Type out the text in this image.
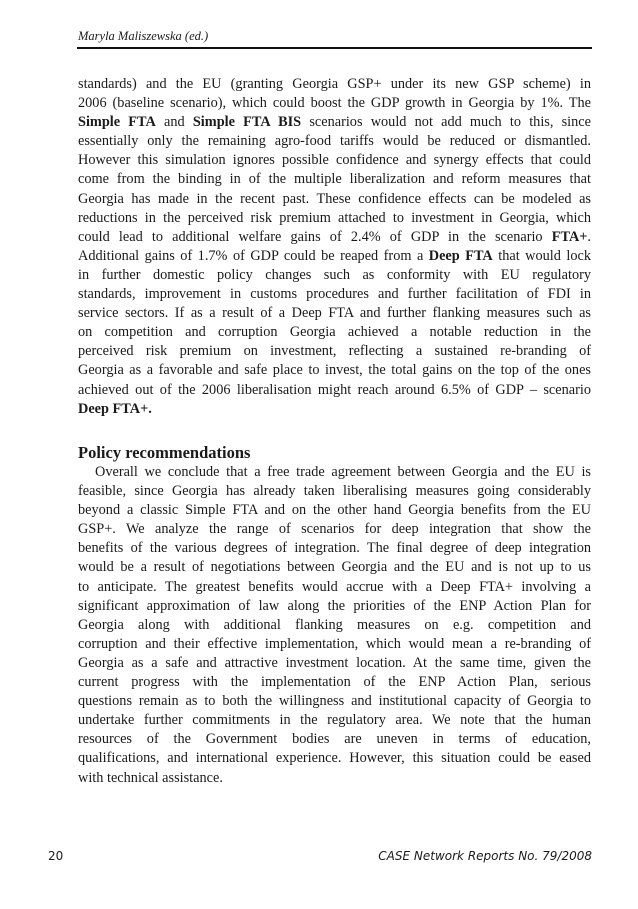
Maryla Maliszewska (ed.)
standards) and the EU (granting Georgia GSP+ under its new GSP scheme) in
2006 (baseline scenario), which could boost the GDP growth in Georgia by 1%. The
Simple FTA and Simple FTA BIS scenarios would not add much to this, since
essentially only the remaining agro-food tariffs would be reduced or dismantled.
However this simulation ignores possible confidence and synergy effects that could
come from the binding in of the multiple liberalization and reform measures that
Georgia has made in the recent past. These confidence effects can be modeled as
reductions in the perceived risk premium attached to investment in Georgia, which
could lead to additional welfare gains of 2.4% of GDP in the scenario FTA+.
Additional gains of 1.7% of GDP could be reaped from a Deep FTA that would lock
in further domestic policy changes such as conformity with EU regulatory
standards, improvement in customs procedures and further facilitation of FDI in
service sectors. If as a result of a Deep FTA and further flanking measures such as
on competition and corruption Georgia achieved a notable reduction in the
perceived risk premium on investment, reflecting a sustained re-branding of
Georgia as a favorable and safe place to invest, the total gains on the top of the ones
achieved out of the 2006 liberalisation might reach around 6.5% of GDP – scenario
Deep FTA+.
Policy recommendations
Overall we conclude that a free trade agreement between Georgia and the EU is
feasible, since Georgia has already taken liberalising measures going considerably
beyond a classic Simple FTA and on the other hand Georgia benefits from the EU
GSP+. We analyze the range of scenarios for deep integration that show the
benefits of the various degrees of integration. The final degree of deep integration
would be a result of negotiations between Georgia and the EU and is not up to us
to anticipate. The greatest benefits would accrue with a Deep FTA+ involving a
significant approximation of law along the priorities of the ENP Action Plan for
Georgia along with additional flanking measures on e.g. competition and
corruption and their effective implementation, which would mean a re-branding of
Georgia as a safe and attractive investment location. At the same time, given the
current progress with the implementation of the ENP Action Plan, serious
questions remain as to both the willingness and institutional capacity of Georgia to
undertake further commitments in the regulatory area. We note that the human
resources of the Government bodies are uneven in terms of education,
qualifications, and international experience. However, this situation could be eased
with technical assistance.
20	CASE Network Reports No. 79/2008
